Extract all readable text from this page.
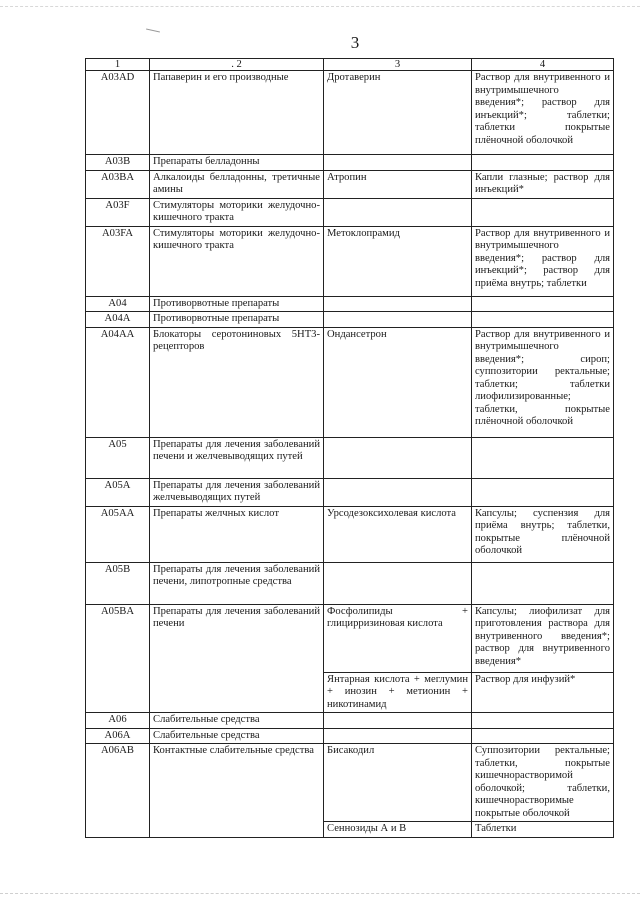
3
1	. 2	3	4
A03AD	Папаверин и его производные	Дротаверин	Раствор для внутривенного и внутримышечного введения*; раствор для инъекций*; таблетки; таблетки покрытые плёночной оболочкой
A03B	Препараты белладонны		
A03BA	Алкалоиды белладонны, третичные амины	Атропин	Капли глазные; раствор для инъекций*
A03F	Стимуляторы моторики желудочно-кишечного тракта		
A03FA	Стимуляторы моторики желудочно-кишечного тракта	Метоклопрамид	Раствор для внутривенного и внутримышечного введения*; раствор для инъекций*; раствор для приёма внутрь; таблетки
A04	Противорвотные препараты		
A04A	Противорвотные препараты		
A04AA	Блокаторы серотониновых 5HT3-рецепторов	Ондансетрон	Раствор для внутривенного и внутримышечного введения*; сироп; суппозитории ректальные; таблетки; таблетки лиофилизированные; таблетки, покрытые плёночной оболочкой
A05	Препараты для лечения заболеваний печени и желчевыводящих путей		
A05A	Препараты для лечения заболеваний желчевыводящих путей		
A05AA	Препараты желчных кислот	Урсодезоксихолевая кислота	Капсулы; суспензия для приёма внутрь; таблетки, покрытые плёночной оболочкой
A05B	Препараты для лечения заболеваний печени, липотропные средства		
A05BA	Препараты для лечения заболеваний печени	Фосфолипиды + глицирризиновая кислота	Капсулы; лиофилизат для приготовления раствора для внутривенного введения*; раствор для внутривенного введения*
		Янтарная кислота + меглумин + инозин + метионин + никотинамид	Раствор для инфузий*
A06	Слабительные средства		
A06A	Слабительные средства		
A06AB	Контактные слабительные средства	Бисакодил	Суппозитории ректальные; таблетки, покрытые кишечнорастворимой оболочкой; таблетки, кишечнорастворимые покрытые оболочкой
		Сеннозиды А и В	Таблетки
